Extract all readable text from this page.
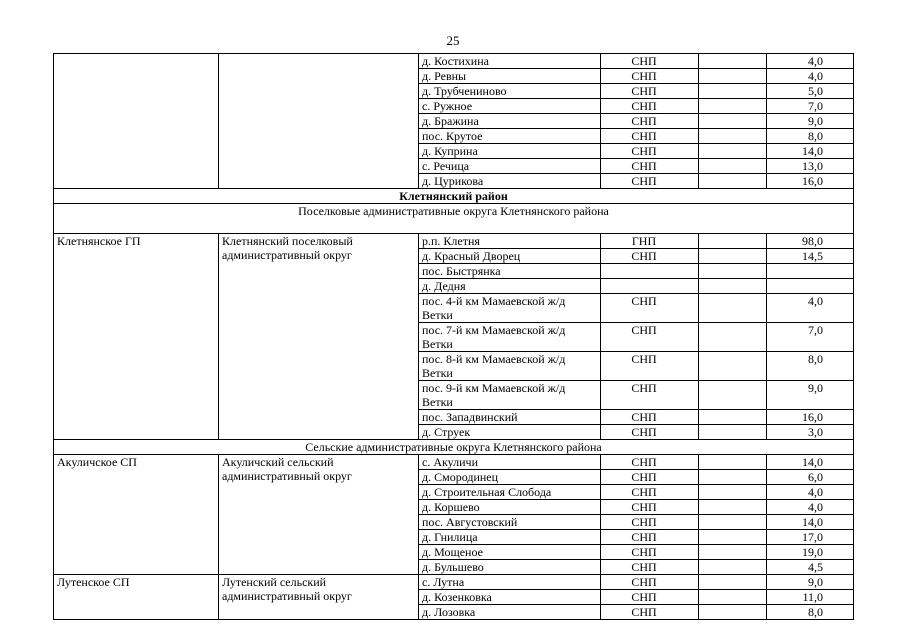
25
		д. Костихина	СНП		4,0
		д. Ревны	СНП		4,0
		д. Трубчениново	СНП		5,0
		с. Ружное	СНП		7,0
		д. Бражина	СНП		9,0
		пос. Крутое	СНП		8,0
		д. Куприна	СНП		14,0
		с. Речица	СНП		13,0
		д. Цурикова	СНП		16,0
Клетнянский район					
Поселковые административные округа Клетнянского района					
Клетнянское ГП	Клетнянский поселковый административный округ	р.п. Клетня	ГНП		98,0
		д. Красный Дворец	СНП		14,5
		пос. Быстрянка			
		д. Дедня			
		пос. 4-й км Мамаевской ж/д Ветки	СНП		4,0
		пос. 7-й км Мамаевской ж/д Ветки	СНП		7,0
		пос. 8-й км Мамаевской ж/д Ветки	СНП		8,0
		пос. 9-й км Мамаевской ж/д Ветки	СНП		9,0
		пос. Западвинский	СНП		16,0
		д. Струек	СНП		3,0
Сельские административные округа Клетнянского района					
Акуличское СП	Акуличский сельский административный округ	с. Акуличи	СНП		14,0
		д. Смородинец	СНП		6,0
		д. Строительная Слобода	СНП		4,0
		д. Коршево	СНП		4,0
		пос. Августовский	СНП		14,0
		д. Гнилица	СНП		17,0
		д. Мощеное	СНП		19,0
		д. Бульшево	СНП		4,5
Лутенское СП	Лутенский сельский административный округ	с. Лутна	СНП		9,0
		д. Козенковка	СНП		11,0
		д. Лозовка	СНП		8,0
